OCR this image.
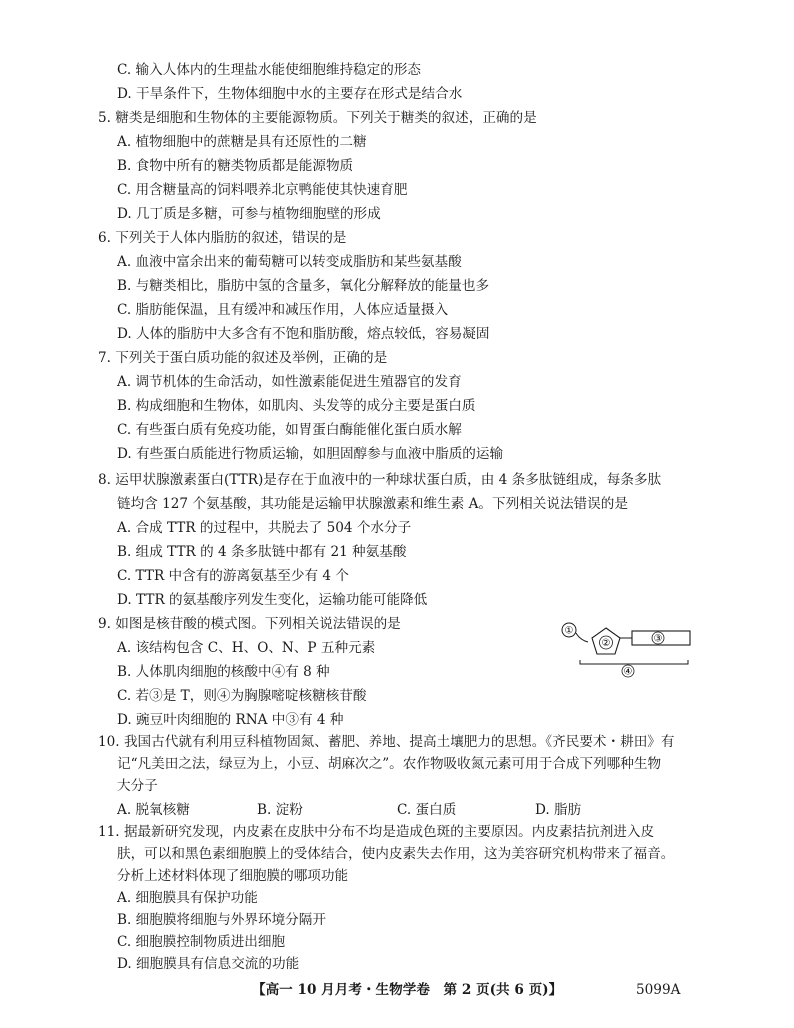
C. 输入人体内的生理盐水能使细胞维持稳定的形态
D. 干旱条件下，生物体细胞中水的主要存在形式是结合水
5. 糖类是细胞和生物体的主要能源物质。下列关于糖类的叙述，正确的是
A. 植物细胞中的蔗糖是具有还原性的二糖
B. 食物中所有的糖类物质都是能源物质
C. 用含糖量高的饲料喂养北京鸭能使其快速育肥
D. 几丁质是多糖，可参与植物细胞壁的形成
6. 下列关于人体内脂肪的叙述，错误的是
A. 血液中富余出来的葡萄糖可以转变成脂肪和某些氨基酸
B. 与糖类相比，脂肪中氢的含量多，氧化分解释放的能量也多
C. 脂肪能保温，且有缓冲和减压作用，人体应适量摄入
D. 人体的脂肪中大多含有不饱和脂肪酸，熔点较低，容易凝固
7. 下列关于蛋白质功能的叙述及举例，正确的是
A. 调节机体的生命活动，如性激素能促进生殖器官的发育
B. 构成细胞和生物体，如肌肉、头发等的成分主要是蛋白质
C. 有些蛋白质有免疫功能，如胃蛋白酶能催化蛋白质水解
D. 有些蛋白质能进行物质运输，如胆固醇参与血液中脂质的运输
8. 运甲状腺激素蛋白(TTR)是存在于血液中的一种球状蛋白质，由 4 条多肽链组成，每条多肽
链均含 127 个氨基酸，其功能是运输甲状腺激素和维生素 A。下列相关说法错误的是
A. 合成 TTR 的过程中，共脱去了 504 个水分子
B. 组成 TTR 的 4 条多肽链中都有 21 种氨基酸
C. TTR 中含有的游离氨基至少有 4 个
D. TTR 的氨基酸序列发生变化，运输功能可能降低
9. 如图是核苷酸的模式图。下列相关说法错误的是
A. 该结构包含 C、H、O、N、P 五种元素
B. 人体肌肉细胞的核酸中④有 8 种
C. 若③是 T，则④为胸腺嘧啶核糖核苷酸
D. 豌豆叶肉细胞的 RNA 中③有 4 种
①
②	③
④
10. 我国古代就有利用豆科植物固氮、蓄肥、养地、提高土壤肥力的思想。《齐民要术・耕田》有
记“凡美田之法，绿豆为上，小豆、胡麻次之”。农作物吸收氮元素可用于合成下列哪种生物
大分子
A. 脱氧核糖	B. 淀粉	C. 蛋白质	D. 脂肪
11. 据最新研究发现，内皮素在皮肤中分布不均是造成色斑的主要原因。内皮素拮抗剂进入皮
肤，可以和黑色素细胞膜上的受体结合，使内皮素失去作用，这为美容研究机构带来了福音。
分析上述材料体现了细胞膜的哪项功能
A. 细胞膜具有保护功能
B. 细胞膜将细胞与外界环境分隔开
C. 细胞膜控制物质进出细胞
D. 细胞膜具有信息交流的功能
【高一 10 月月考・生物学卷　第 2 页(共 6 页)】	5099A
